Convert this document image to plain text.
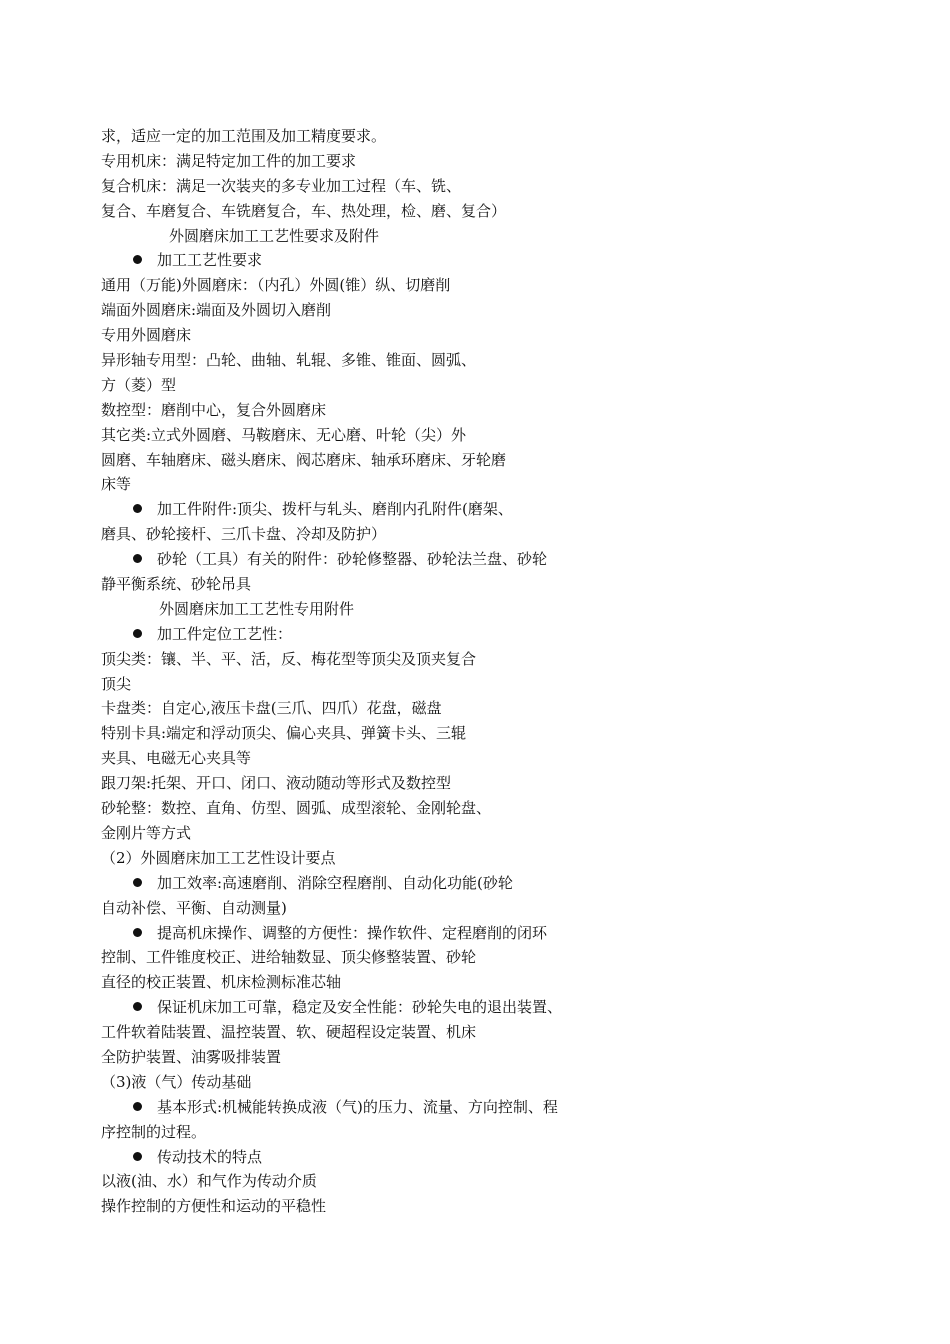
求，适应一定的加工范围及加工精度要求。
专用机床：满足特定加工件的加工要求
复合机床：满足一次装夹的多专业加工过程（车、铣、
复合、车磨复合、车铣磨复合，车、热处理，检、磨、复合）
外圆磨床加工工艺性要求及附件
加工工艺性要求
通用（万能)外圆磨床：（内孔）外圆(锥）纵、切磨削
端面外圆磨床:端面及外圆切入磨削
专用外圆磨床
异形轴专用型：凸轮、曲轴、轧辊、多锥、锥面、圆弧、
方（菱）型
数控型：磨削中心，复合外圆磨床
其它类:立式外圆磨、马鞍磨床、无心磨、叶轮（尖）外
圆磨、车轴磨床、磁头磨床、阀芯磨床、轴承环磨床、牙轮磨
床等
加工件附件:顶尖、拨杆与轧头、磨削内孔附件(磨架、
磨具、砂轮接杆、三爪卡盘、冷却及防护）
砂轮（工具）有关的附件：砂轮修整器、砂轮法兰盘、砂轮
静平衡系统、砂轮吊具
外圆磨床加工工艺性专用附件
加工件定位工艺性：
顶尖类：镶、半、平、活，反、梅花型等顶尖及顶夹复合
顶尖
卡盘类：自定心,液压卡盘(三爪、四爪）花盘，磁盘
特别卡具:端定和浮动顶尖、偏心夹具、弹簧卡头、三辊
夹具、电磁无心夹具等
跟刀架:托架、开口、闭口、液动随动等形式及数控型
砂轮整：数控、直角、仿型、圆弧、成型滚轮、金刚轮盘、
金刚片等方式
（2）外圆磨床加工工艺性设计要点
加工效率:高速磨削、消除空程磨削、自动化功能(砂轮
自动补偿、平衡、自动测量)
提高机床操作、调整的方便性：操作软件、定程磨削的闭环
控制、工件锥度校正、进给轴数显、顶尖修整装置、砂轮
直径的校正装置、机床检测标准芯轴
保证机床加工可靠，稳定及安全性能：砂轮失电的退出装置、
工件软着陆装置、温控装置、软、硬超程设定装置、机床
全防护装置、油雾吸排装置
（3)液（气）传动基础
基本形式:机械能转换成液（气)的压力、流量、方向控制、程
序控制的过程。
传动技术的特点
以液(油、水）和气作为传动介质
操作控制的方便性和运动的平稳性
